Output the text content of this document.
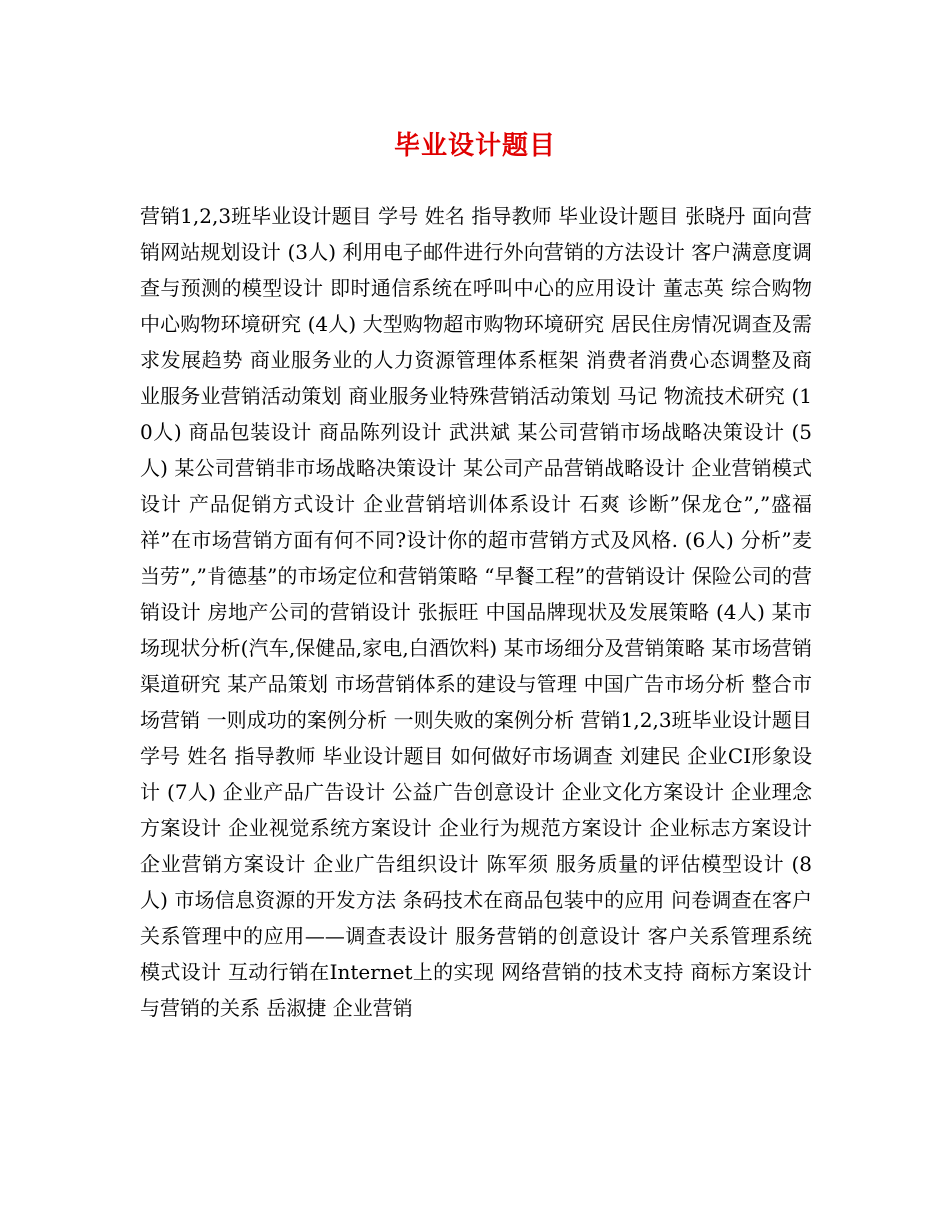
毕业设计题目

营销1,2,3班毕业设计题目 学号 姓名 指导教师 毕业设计题目 张晓丹 面向营销网站规划设计 (3人) 利用电子邮件进行外向营销的方法设计 客户满意度调查与预测的模型设计 即时通信系统在呼叫中心的应用设计 董志英 综合购物中心购物环境研究 (4人) 大型购物超市购物环境研究 居民住房情况调查及需求发展趋势 商业服务业的人力资源管理体系框架 消费者消费心态调整及商业服务业营销活动策划 商业服务业特殊营销活动策划 马记 物流技术研究 (10人) 商品包装设计 商品陈列设计 武洪斌 某公司营销市场战略决策设计 (5人) 某公司营销非市场战略决策设计 某公司产品营销战略设计 企业营销模式设计 产品促销方式设计 企业营销培训体系设计 石爽 诊断”保龙仓”,”盛福祥”在市场营销方面有何不同?设计你的超市营销方式及风格. (6人) 分析”麦当劳”,”肯德基”的市场定位和营销策略 “早餐工程”的营销设计 保险公司的营销设计 房地产公司的营销设计 张振旺 中国品牌现状及发展策略 (4人) 某市场现状分析(汽车,保健品,家电,白酒饮料) 某市场细分及营销策略 某市场营销渠道研究 某产品策划 市场营销体系的建设与管理 中国广告市场分析 整合市场营销 一则成功的案例分析 一则失败的案例分析 营销1,2,3班毕业设计题目 学号 姓名 指导教师 毕业设计题目 如何做好市场调查 刘建民 企业CI形象设计 (7人) 企业产品广告设计 公益广告创意设计 企业文化方案设计 企业理念方案设计 企业视觉系统方案设计 企业行为规范方案设计 企业标志方案设计 企业营销方案设计 企业广告组织设计 陈军须 服务质量的评估模型设计 (8人) 市场信息资源的开发方法 条码技术在商品包装中的应用 问卷调查在客户关系管理中的应用——调查表设计 服务营销的创意设计 客户关系管理系统模式设计 互动行销在Internet上的实现 网络营销的技术支持 商标方案设计与营销的关系 岳淑捷 企业营销
